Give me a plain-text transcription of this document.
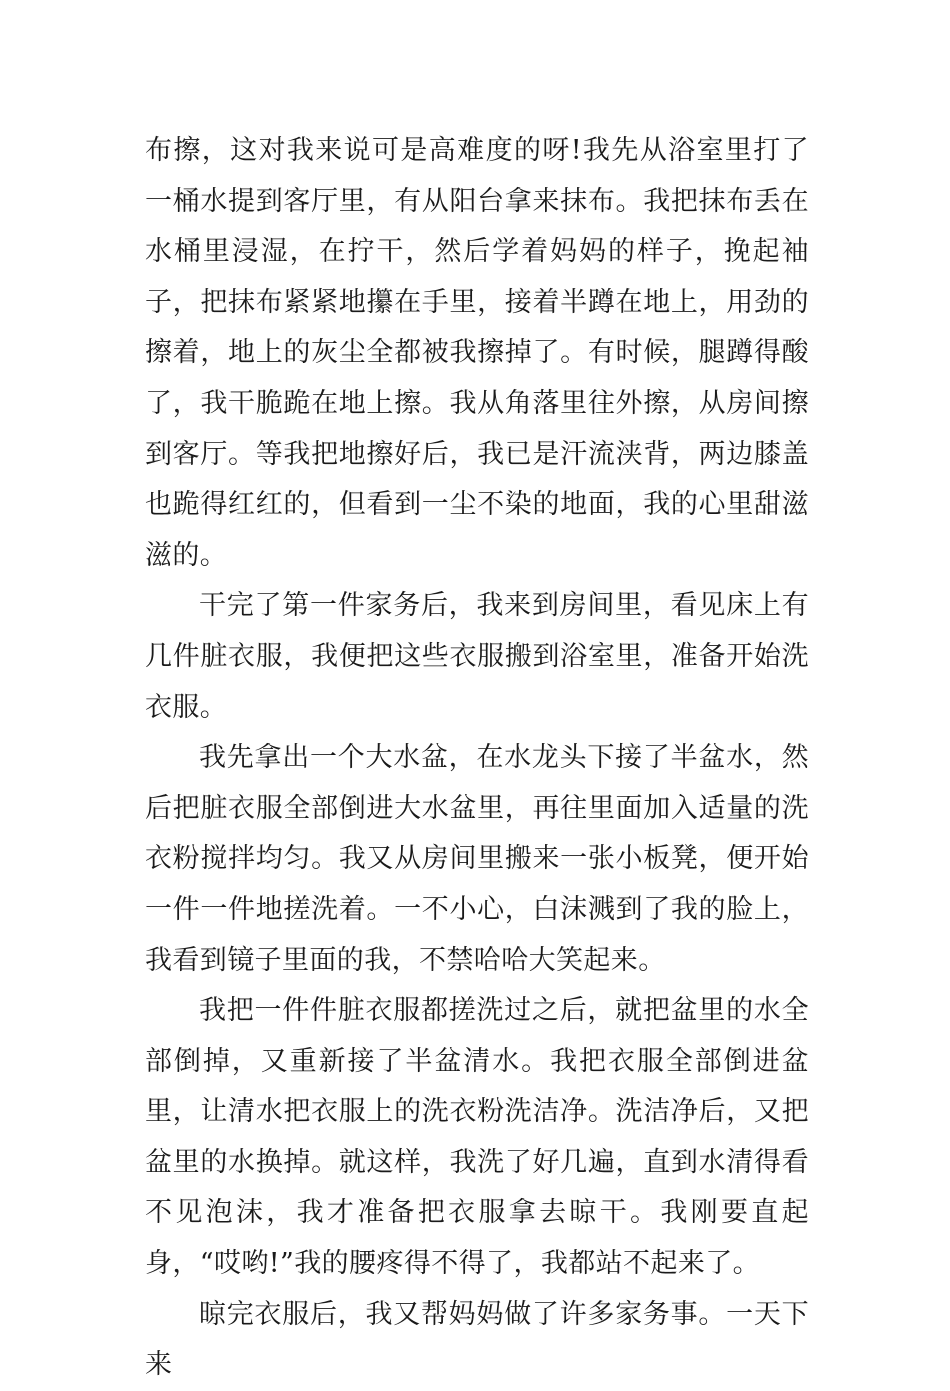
布擦，这对我来说可是高难度的呀!我先从浴室里打了一桶水提到客厅里，有从阳台拿来抹布。我把抹布丢在水桶里浸湿，在拧干，然后学着妈妈的样子，挽起袖子，把抹布紧紧地攥在手里，接着半蹲在地上，用劲的擦着，地上的灰尘全都被我擦掉了。有时候，腿蹲得酸了，我干脆跪在地上擦。我从角落里往外擦，从房间擦到客厅。等我把地擦好后，我已是汗流浃背，两边膝盖也跪得红红的，但看到一尘不染的地面，我的心里甜滋滋的。

干完了第一件家务后，我来到房间里，看见床上有几件脏衣服，我便把这些衣服搬到浴室里，准备开始洗衣服。

我先拿出一个大水盆，在水龙头下接了半盆水，然后把脏衣服全部倒进大水盆里，再往里面加入适量的洗衣粉搅拌均匀。我又从房间里搬来一张小板凳，便开始一件一件地搓洗着。一不小心，白沫溅到了我的脸上，我看到镜子里面的我，不禁哈哈大笑起来。

我把一件件脏衣服都搓洗过之后，就把盆里的水全部倒掉，又重新接了半盆清水。我把衣服全部倒进盆里，让清水把衣服上的洗衣粉洗洁净。洗洁净后，又把盆里的水换掉。就这样，我洗了好几遍，直到水清得看不见泡沫，我才准备把衣服拿去晾干。我刚要直起身，“哎哟!”我的腰疼得不得了，我都站不起来了。

晾完衣服后，我又帮妈妈做了许多家务事。一天下来
